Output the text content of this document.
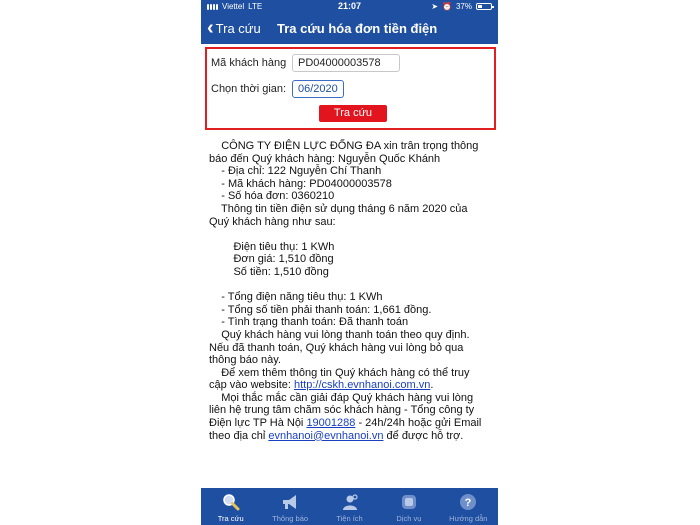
Viettel LTE	21:07	➤ ⏰ 37%
‹ Tra cứu Tra cứu hóa đơn tiền điện
Mã khách hàng	PD04000003578
Chọn thời gian:	06/2020
Tra cứu

CÔNG TY ĐIỆN LỰC ĐỐNG ĐA xin trân trọng thông

báo đến Quý khách hàng: Nguyễn Quốc Khánh

- Địa chỉ: 122 Nguyễn Chí Thanh

- Mã khách hàng: PD04000003578

- Số hóa đơn: 0360210

Thông tin tiền điện sử dụng tháng 6 năm 2020 của

Quý khách hàng như sau:

Điện tiêu thụ: 1 KWh

Đơn giá: 1,510 đồng

Số tiền: 1,510 đồng

- Tổng điện năng tiêu thụ: 1 KWh

- Tổng số tiền phải thanh toán: 1,661 đồng.

- Tình trạng thanh toán: Đã thanh toán

Quý khách hàng vui lòng thanh toán theo quy định.

Nếu đã thanh toán, Quý khách hàng vui lòng bỏ qua

thông báo này.

Để xem thêm thông tin Quý khách hàng có thể truy

cập vào website: http://cskh.evnhanoi.com.vn.

Mọi thắc mắc cần giải đáp Quý khách hàng vui lòng

liên hệ trung tâm chăm sóc khách hàng - Tổng công ty

Điện lực TP Hà Nội 19001288 - 24h/24h hoặc gửi Email

theo địa chỉ evnhanoi@evnhanoi.vn để được hỗ trợ.

Tra cứu	Thông báo	Tiện ích	Dịch vụ
?
Hướng dẫn
